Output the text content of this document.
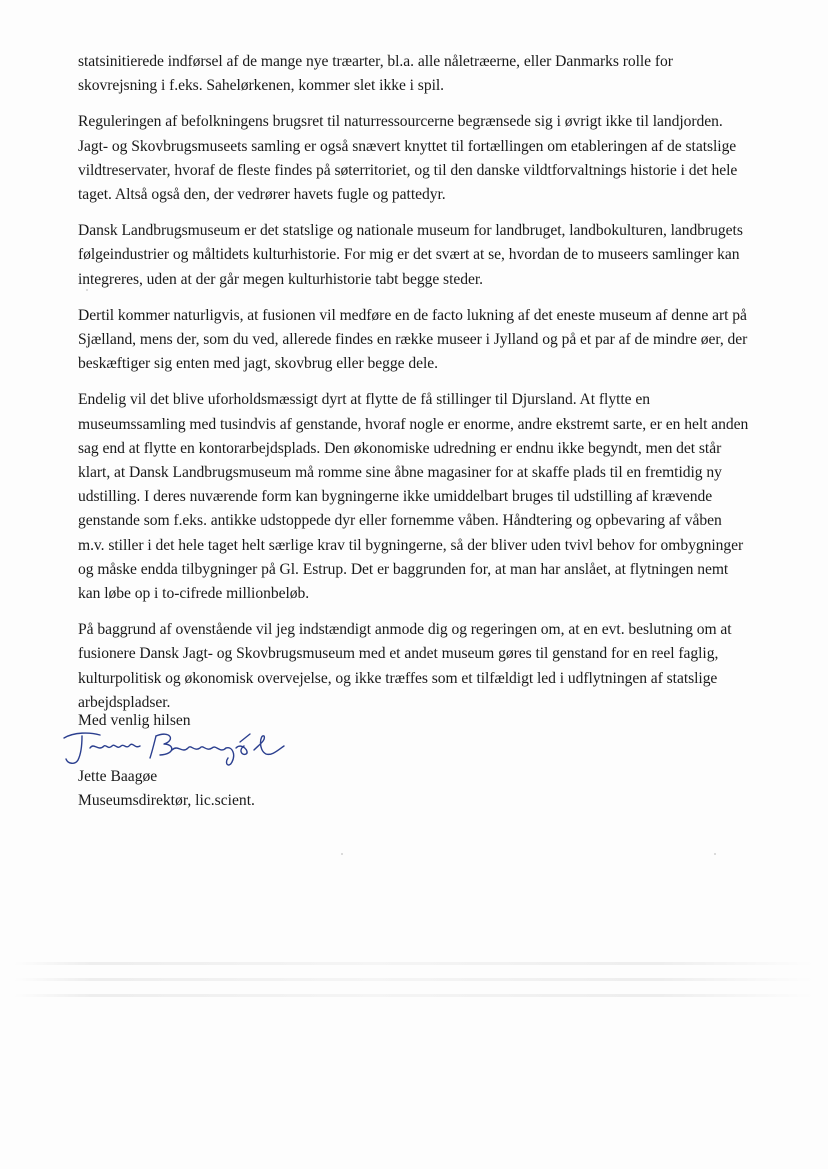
statsinitierede indførsel af de mange nye træarter, bl.a. alle nåletræerne, eller Danmarks rolle for skovrejsning i f.eks. Sahelørkenen, kommer slet ikke i spil.

Reguleringen af befolkningens brugsret til naturressourcerne begrænsede sig i øvrigt ikke til landjorden. Jagt- og Skovbrugsmuseets samling er også snævert knyttet til fortællingen om etableringen af de statslige vildtreservater, hvoraf de fleste findes på søterritoriet, og til den danske vildtforvaltnings historie i det hele taget. Altså også den, der vedrører havets fugle og pattedyr.

Dansk Landbrugsmuseum er det statslige og nationale museum for landbruget, landbokulturen, landbrugets følgeindustrier og måltidets kulturhistorie. For mig er det svært at se, hvordan de to museers samlinger kan integreres, uden at der går megen kulturhistorie tabt begge steder.

Dertil kommer naturligvis, at fusionen vil medføre en de facto lukning af det eneste museum af denne art på Sjælland, mens der, som du ved, allerede findes en række museer i Jylland og på et par af de mindre øer, der beskæftiger sig enten med jagt, skovbrug eller begge dele.

Endelig vil det blive uforholdsmæssigt dyrt at flytte de få stillinger til Djursland. At flytte en museumssamling med tusindvis af genstande, hvoraf nogle er enorme, andre ekstremt sarte, er en helt anden sag end at flytte en kontorarbejdsplads. Den økonomiske udredning er endnu ikke begyndt, men det står klart, at Dansk Landbrugsmuseum må romme sine åbne magasiner for at skaffe plads til en fremtidig ny udstilling. I deres nuværende form kan bygningerne ikke umiddelbart bruges til udstilling af krævende genstande som f.eks. antikke udstoppede dyr eller fornemme våben. Håndtering og opbevaring af våben m.v. stiller i det hele taget helt særlige krav til bygningerne, så der bliver uden tvivl behov for ombygninger og måske endda tilbygninger på Gl. Estrup. Det er baggrunden for, at man har anslået, at flytningen nemt kan løbe op i to-cifrede millionbeløb.

På baggrund af ovenstående vil jeg indstændigt anmode dig og regeringen om, at en evt. beslutning om at fusionere Dansk Jagt- og Skovbrugsmuseum med et andet museum gøres til genstand for en reel faglig, kulturpolitisk og økonomisk overvejelse, og ikke træffes som et tilfældigt led i udflytningen af statslige arbejdspladser.

Med venlig hilsen
Jette Baagøe
Museumsdirektør, lic.scient.
